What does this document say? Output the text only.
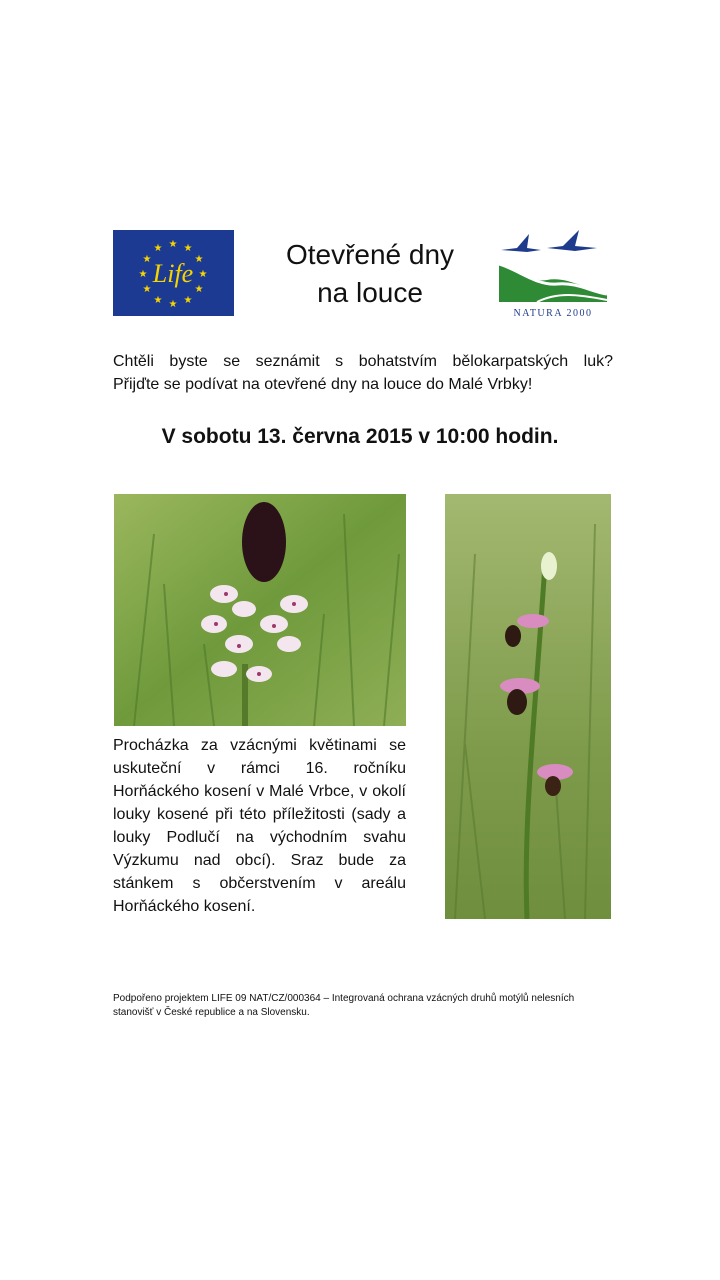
★
★
★
★
★
★
★
★
★ ★ ★
★
Life
Otevřené dny
na louce
★★★
★ ★ ★
NATURA 2000
Chtěli byste se seznámit s bohatstvím bělokarpatských luk?
Přijďte se podívat na otevřené dny na louce do Malé Vrbky!
V sobotu 13. června 2015 v 10:00 hodin.
Procházka za vzácnými květinami se uskuteční v rámci 16. ročníku Horňáckého kosení v Malé Vrbce, v okolí louky kosené při této příležitosti (sady a louky Podlučí na východním svahu Výzkumu nad obcí). Sraz bude za stánkem s občerstvením v areálu Horňáckého kosení.
Podpořeno projektem LIFE 09 NAT/CZ/000364 – Integrovaná ochrana vzácných druhů motýlů nelesních stanovišť v České republice a na Slovensku.
